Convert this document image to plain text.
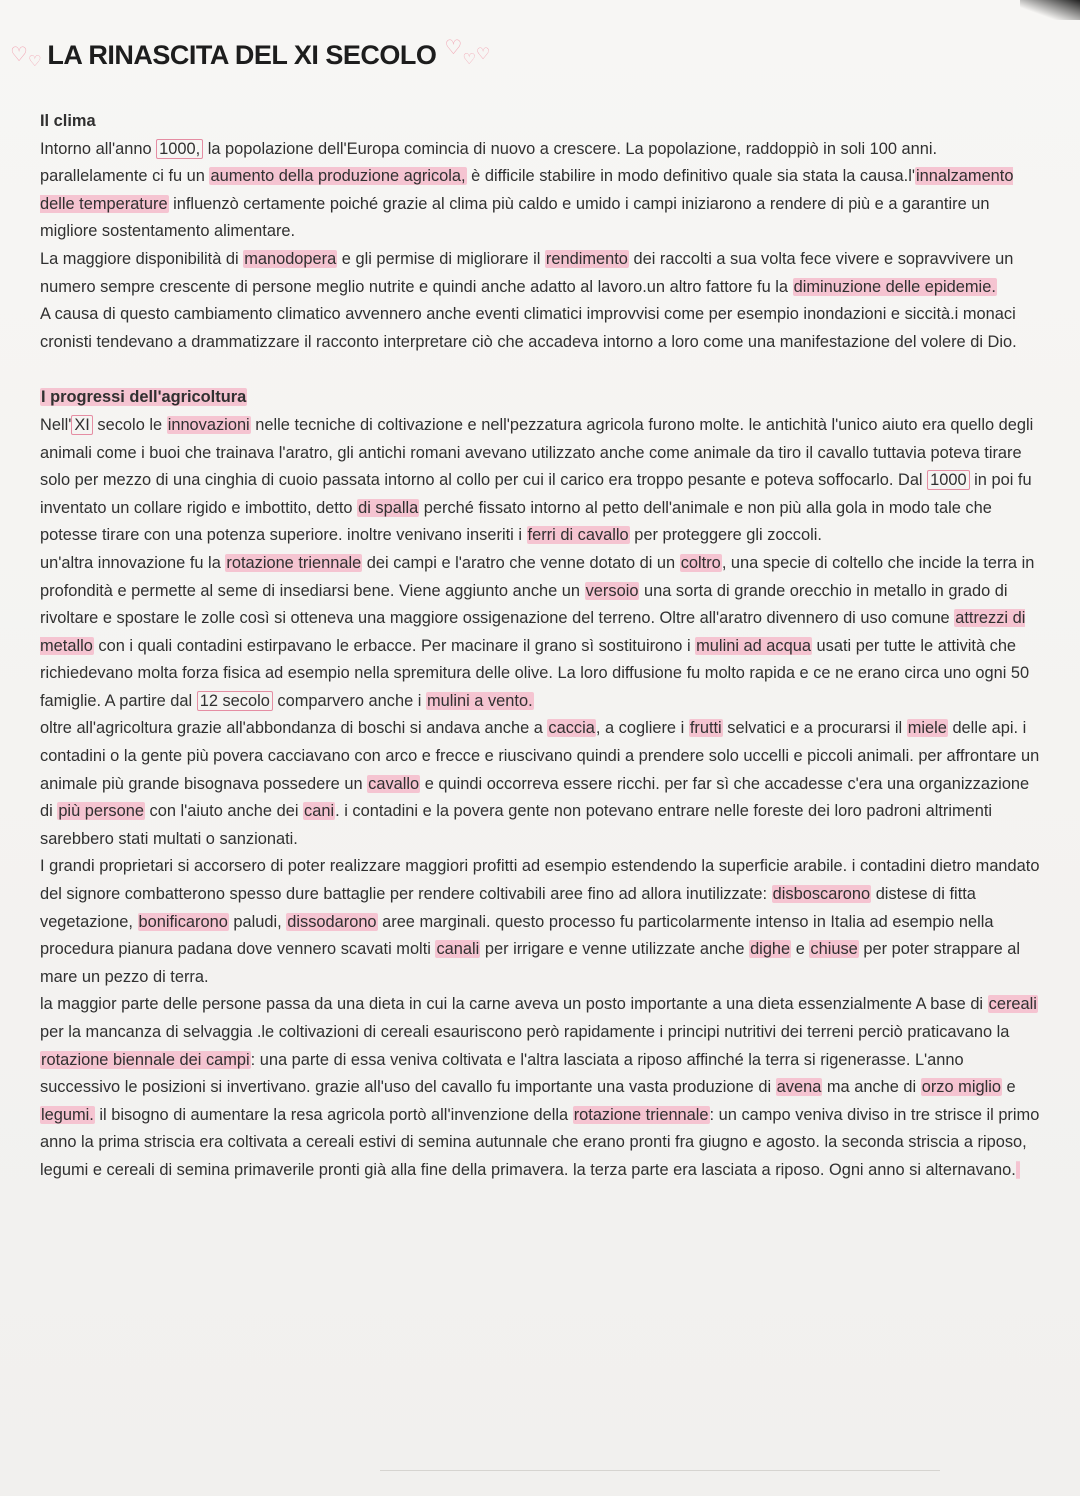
♡ ♡ LA RINASCITA DEL XI SECOLO ♡ ♡ ♡
Il clima

Intorno all'anno 1000, la popolazione dell'Europa comincia di nuovo a crescere. La popolazione, raddoppiò in soli 100 anni. parallelamente ci fu un aumento della produzione agricola, è difficile stabilire in modo definitivo quale sia stata la causa.l'innalzamento delle temperature influenzò certamente poiché grazie al clima più caldo e umido i campi iniziarono a rendere di più e a garantire un migliore sostentamento alimentare.

La maggiore disponibilità di manodopera e gli permise di migliorare il rendimento dei raccolti a sua volta fece vivere e sopravvivere un numero sempre crescente di persone meglio nutrite e quindi anche adatto al lavoro.un altro fattore fu la diminuzione delle epidemie.

A causa di questo cambiamento climatico avvennero anche eventi climatici improvvisi come per esempio inondazioni e siccità.i monaci cronisti tendevano a drammatizzare il racconto interpretare ciò che accadeva intorno a loro come una manifestazione del volere di Dio.

I progressi dell'agricoltura

Nell' XI secolo le innovazioni nelle tecniche di coltivazione e nell'pezzatura agricola furono molte. le antichità l'unico aiuto era quello degli animali come i buoi che trainava l'aratro, gli antichi romani avevano utilizzato anche come animale da tiro il cavallo tuttavia poteva tirare solo per mezzo di una cinghia di cuoio passata intorno al collo per cui il carico era troppo pesante e poteva soffocarlo. Dal 1000 in poi fu inventato un collare rigido e imbottito, detto di spalla perché fissato intorno al petto dell'animale e non più alla gola in modo tale che potesse tirare con una potenza superiore. inoltre venivano inseriti i ferri di cavallo per proteggere gli zoccoli.

un'altra innovazione fu la rotazione triennale dei campi e l'aratro che venne dotato di un coltro, una specie di coltello che incide la terra in profondità e permette al seme di insediarsi bene. Viene aggiunto anche un versoio una sorta di grande orecchio in metallo in grado di rivoltare e spostare le zolle così si otteneva una maggiore ossigenazione del terreno. Oltre all'aratro divennero di uso comune attrezzi di metallo con i quali contadini estirpavano le erbacce. Per macinare il grano sì sostituirono i mulini ad acqua usati per tutte le attività che richiedevano molta forza fisica ad esempio nella spremitura delle olive. La loro diffusione fu molto rapida e ce ne erano circa uno ogni 50 famiglie. A partire dal 12 secolo comparvero anche i mulini a vento.

oltre all'agricoltura grazie all'abbondanza di boschi si andava anche a caccia, a cogliere i frutti selvatici e a procurarsi il miele delle api. i contadini o la gente più povera cacciavano con arco e frecce e riuscivano quindi a prendere solo uccelli e piccoli animali. per affrontare un animale più grande bisognava possedere un cavallo e quindi occorreva essere ricchi. per far sì che accadesse c'era una organizzazione di più persone con l'aiuto anche dei cani. i contadini e la povera gente non potevano entrare nelle foreste dei loro padroni altrimenti sarebbero stati multati o sanzionati.

I grandi proprietari si accorsero di poter realizzare maggiori profitti ad esempio estendendo la superficie arabile. i contadini dietro mandato del signore combatterono spesso dure battaglie per rendere coltivabili aree fino ad allora inutilizzate: disboscarono distese di fitta vegetazione, bonificarono paludi, dissodarono aree marginali. questo processo fu particolarmente intenso in Italia ad esempio nella procedura pianura padana dove vennero scavati molti canali per irrigare e venne utilizzate anche dighe e chiuse per poter strappare al mare un pezzo di terra.

la maggior parte delle persone passa da una dieta in cui la carne aveva un posto importante a una dieta essenzialmente A base di cereali per la mancanza di selvaggia .le coltivazioni di cereali esauriscono però rapidamente i principi nutritivi dei terreni perciò praticavano la rotazione biennale dei campi: una parte di essa veniva coltivata e l'altra lasciata a riposo affinché la terra si rigenerasse. L'anno successivo le posizioni si invertivano. grazie all'uso del cavallo fu importante una vasta produzione di avena ma anche di orzo miglio e legumi. il bisogno di aumentare la resa agricola portò all'invenzione della rotazione triennale: un campo veniva diviso in tre strisce il primo anno la prima striscia era coltivata a cereali estivi di semina autunnale che erano pronti fra giugno e agosto. la seconda striscia a riposo, legumi e cereali di semina primaverile pronti già alla fine della primavera. la terza parte era lasciata a riposo. Ogni anno si alternavano.
